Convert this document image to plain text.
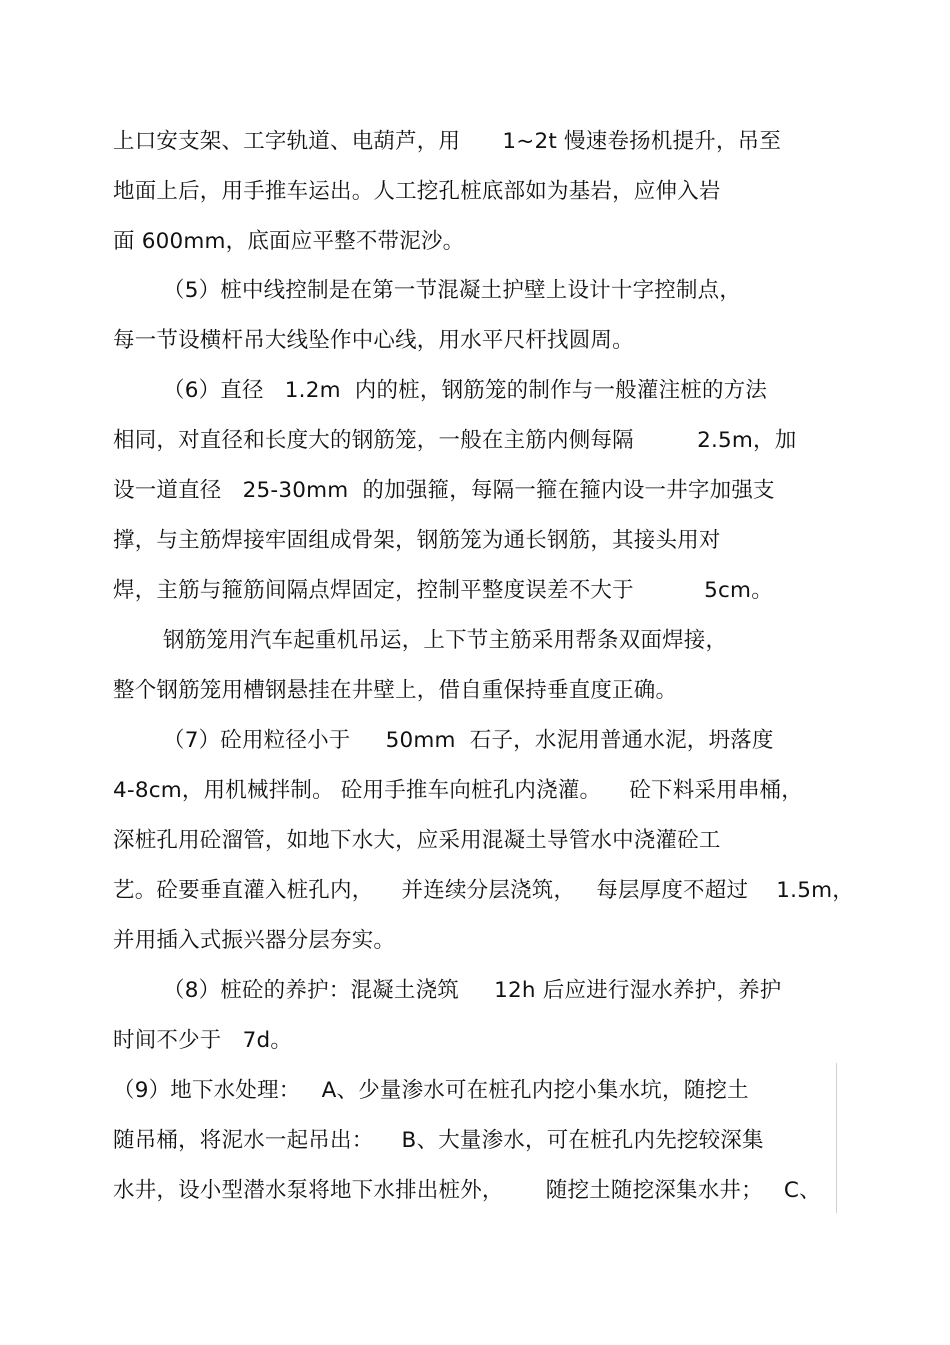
上口安支架、工字轨道、电葫芦，用      1~2t 慢速卷扬机提升，吊至
地面上后，用手推车运出。人工挖孔桩底部如为基岩，应伸入岩
面 600mm，底面应平整不带泥沙。
（5）桩中线控制是在第一节混凝土护壁上设计十字控制点，
每一节设横杆吊大线坠作中心线，用水平尺杆找圆周。
（6）直径   1.2m  内的桩，钢筋笼的制作与一般灌注桩的方法
相同，对直径和长度大的钢筋笼，一般在主筋内侧每隔         2.5m，加
设一道直径   25-30mm  的加强箍，每隔一箍在箍内设一井字加强支
撑，与主筋焊接牢固组成骨架，钢筋笼为通长钢筋，其接头用对
焊，主筋与箍筋间隔点焊固定，控制平整度误差不大于          5cm。
钢筋笼用汽车起重机吊运，上下节主筋采用帮条双面焊接，
整个钢筋笼用槽钢悬挂在井壁上，借自重保持垂直度正确。
（7）砼用粒径小于     50mm  石子，水泥用普通水泥，坍落度
4-8cm，用机械拌制。 砼用手推车向桩孔内浇灌。    砼下料采用串桶，
深桩孔用砼溜管，如地下水大，应采用混凝土导管水中浇灌砼工
艺。砼要垂直灌入桩孔内，    并连续分层浇筑，   每层厚度不超过    1.5m，
并用插入式振兴器分层夯实。
（8）桩砼的养护：混凝土浇筑     12h 后应进行湿水养护，养护
时间不少于   7d。
（9）地下水处理：   A、少量渗水可在桩孔内挖小集水坑，随挖土
随吊桶，将泥水一起吊出：    B、大量渗水，可在桩孔内先挖较深集
水井，设小型潜水泵将地下水排出桩外，      随挖土随挖深集水井；   C、
